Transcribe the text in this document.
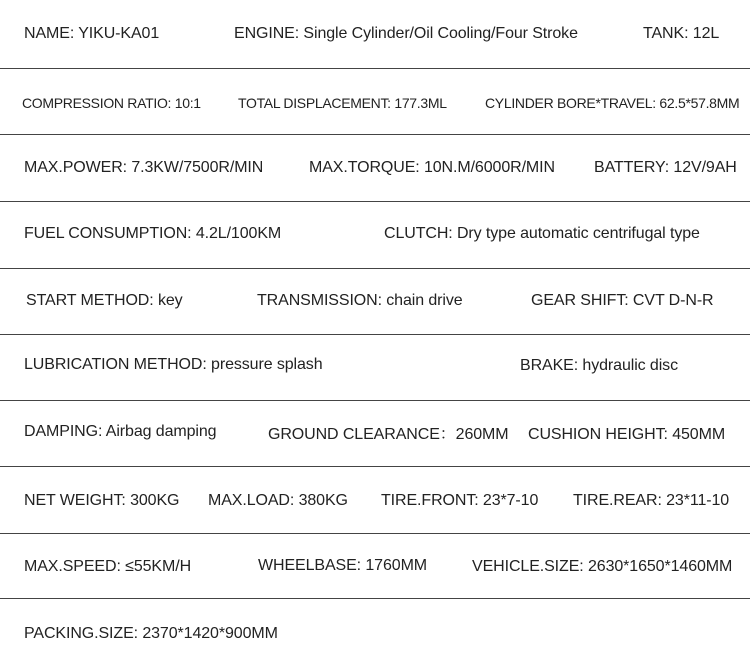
NAME: YIKU-KA01	ENGINE: Single Cylinder/Oil Cooling/Four Stroke	TANK: 12L
COMPRESSION RATIO: 10:1	TOTAL DISPLACEMENT: 177.3ML	CYLINDER BORE*TRAVEL: 62.5*57.8MM
MAX.POWER: 7.3KW/7500R/MIN	MAX.TORQUE: 10N.M/6000R/MIN BATTERY: 12V/9AH
FUEL CONSUMPTION: 4.2L/100KM	CLUTCH: Dry type automatic centrifugal type
START METHOD: key	TRANSMISSION: chain drive	GEAR SHIFT: CVT D-N-R
LUBRICATION METHOD: pressure splash	BRAKE: hydraulic disc
DAMPING: Airbag damping	GROUND CLEARANCE：260MM CUSHION HEIGHT: 450MM
NET WEIGHT: 300KG MAX.LOAD: 380KG TIRE.FRONT: 23*7-10 TIRE.REAR: 23*11-10
MAX.SPEED: ≤55KM/H	WHEELBASE: 1760MM	VEHICLE.SIZE: 2630*1650*1460MM
PACKING.SIZE: 2370*1420*900MM
